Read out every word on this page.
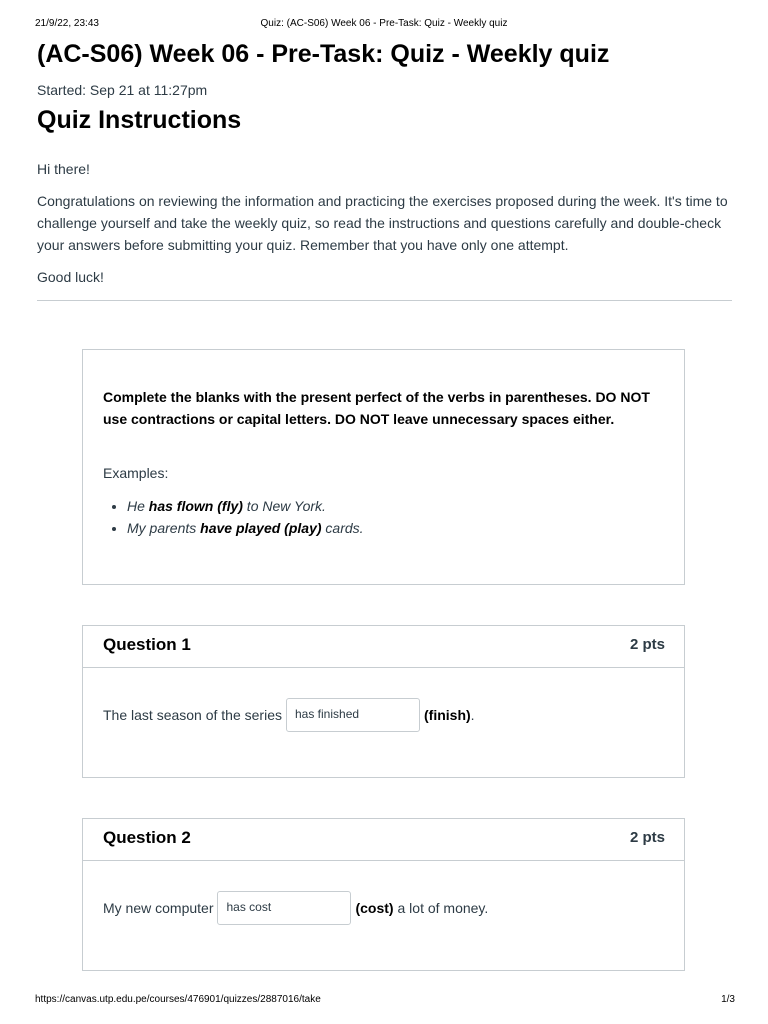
21/9/22, 23:43	Quiz: (AC-S06) Week 06 - Pre-Task: Quiz - Weekly quiz
(AC-S06) Week 06 - Pre-Task: Quiz - Weekly quiz
Started: Sep 21 at 11:27pm
Quiz Instructions

Hi there!

Congratulations on reviewing the information and practicing the exercises proposed during the week. It's time to challenge yourself and take the weekly quiz, so read the instructions and questions carefully and double-check your answers before submitting your quiz. Remember that you have only one attempt.

Good luck!

Complete the blanks with the present perfect of the verbs in parentheses. DO NOT use contractions or capital letters. DO NOT leave unnecessary spaces either.
Examples:
• He has flown (fly) to New York.
• My parents have played (play) cards.
Question 1	2 pts
The last season of the series	has finished	(finish) .
Question 2	2 pts
My new computer	has cost	(cost) a lot of money.
https://canvas.utp.edu.pe/courses/476901/quizzes/2887016/take	1/3
